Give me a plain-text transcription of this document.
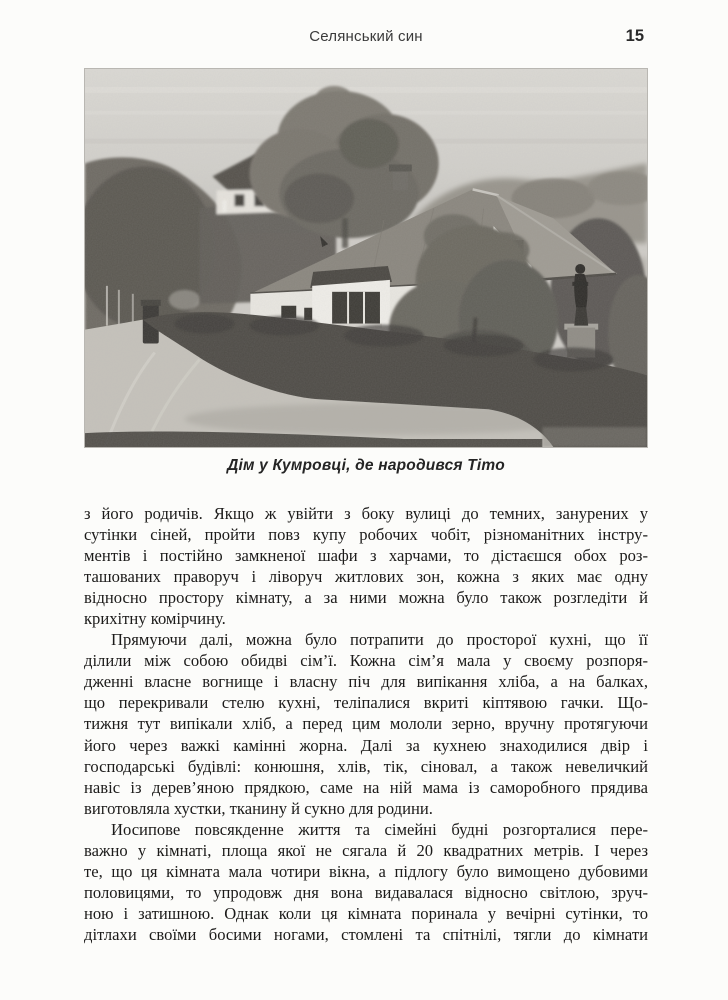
Селянський син	15
Дім у Кумровці, де народився Тіто

з його родичів. Якщо ж увійти з боку вулиці до темних, занурених у
сутінки сіней, пройти повз купу робочих чобіт, різноманітних інстру-
ментів і постійно замкненої шафи з харчами, то дістаєшся обох роз-
ташованих праворуч і ліворуч житлових зон, кожна з яких має одну
відносно простору кімнату, а за ними можна було також розгледіти й
крихітну комірчину.

Прямуючи далі, можна було потрапити до просторої кухні, що її
ділили між собою обидві сім’ї. Кожна сім’я мала у своєму розпоря-
дженні власне вогнище і власну піч для випікання хліба, а на балках,
що перекривали стелю кухні, теліпалися вкриті кіптявою гачки. Що-
тижня тут випікали хліб, а перед цим мололи зерно, вручну протягуючи
його через важкі камінні жорна. Далі за кухнею знаходилися двір і
господарські будівлі: конюшня, хлів, тік, сіновал, а також невеличкий
навіс із дерев’яною прядкою, саме на ній мама із саморобного прядива
виготовляла хустки, тканину й сукно для родини.

Иосипове повсякденне життя та сімейні будні розгорталися пере-
важно у кімнаті, площа якої не сягала й 20 квадратних метрів. І через
те, що ця кімната мала чотири вікна, а підлогу було вимощено дубовими
половицями, то упродовж дня вона видавалася відносно світлою, зруч-
ною і затишною. Однак коли ця кімната поринала у вечірні сутінки, то
дітлахи своїми босими ногами, стомлені та спітнілі, тягли до кімнати
